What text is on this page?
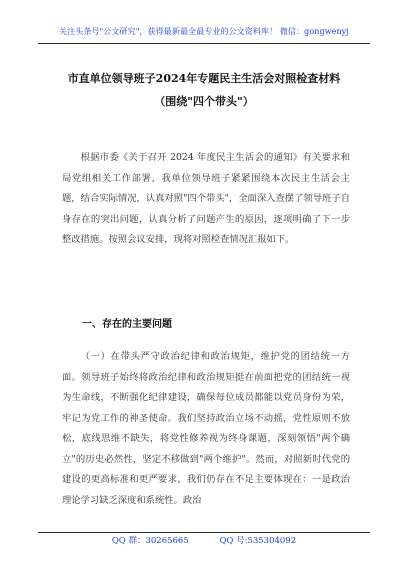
关注头条号"公文研究"，获得最新最全最专业的公文资料库！ 微信：gongwenyj
市直单位领导班子2024年专题民主生活会对照检查材料
（围绕"四个带头"）
根据市委《关于召开 2024 年度民主生活会的通知》有关要求和局党组相关工作部署，我单位领导班子紧紧围绕本次民主生活会主题，结合实际情况，认真对照"四个带头"，全面深入查摆了领导班子自身存在的突出问题，认真分析了问题产生的原因，逐项明确了下一步整改措施。按照会议安排，现将对照检查情况汇报如下。
一、存在的主要问题
（一）在带头严守政治纪律和政治规矩，维护党的团结统一方面。领导班子始终将政治纪律和政治规矩挺在前面把党的团结统一视为生命线，不断强化纪律建设，确保每位成员都能以党员身份为荣，牢记为党工作的神圣使命。我们坚持政治立场不动摇，党性原则不放松，底线思维不缺失，将党性修养视为终身课题，深刻领悟"两个确立"的历史必然性，坚定不移做到"两个维护"。然而，对照新时代党的建设的更高标准和更严要求，我们仍存在不足主要体现在：一是政治理论学习缺乏深度和系统性。政治
QQ 群：30265665	QQ 号:535304092
